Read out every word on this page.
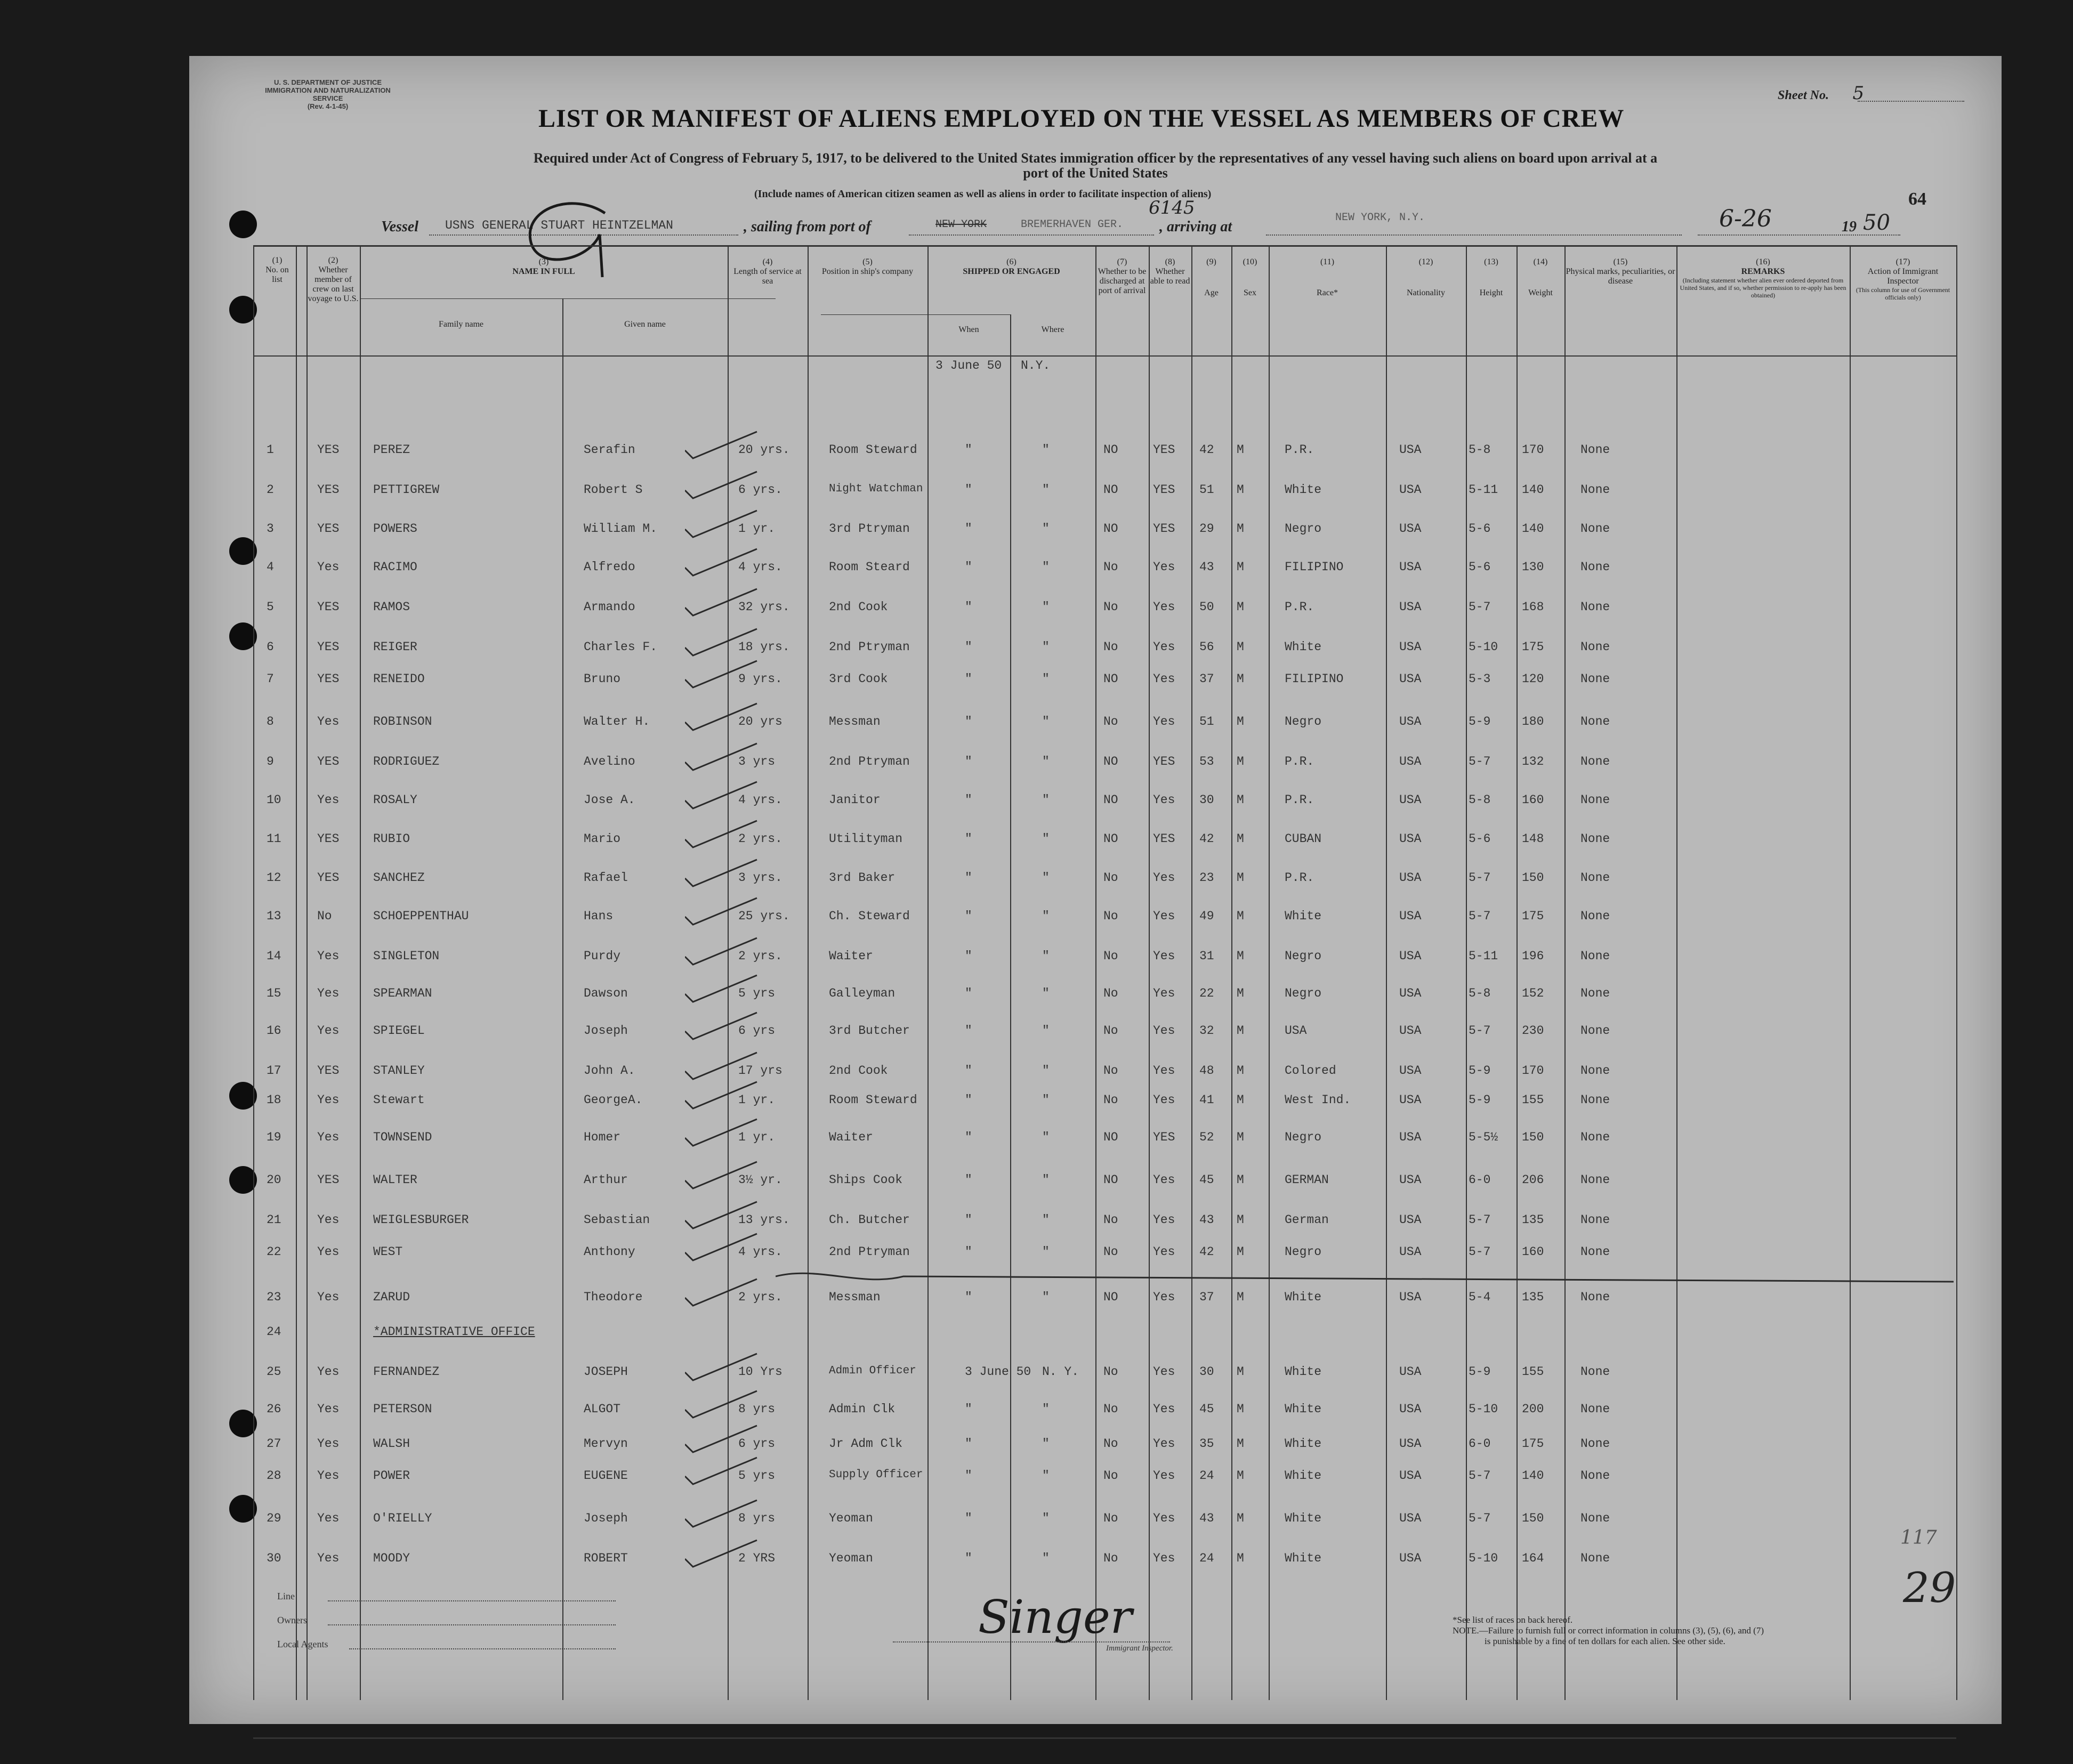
U. S. DEPARTMENT OF JUSTICE
IMMIGRATION AND NATURALIZATION SERVICE
(Rev. 4-1-45)
Sheet No. 5
LIST OR MANIFEST OF ALIENS EMPLOYED ON THE VESSEL AS MEMBERS OF CREW
Required under Act of Congress of February 5, 1917, to be delivered to the United States immigration officer by the representatives of any vessel having such aliens on board upon arrival at a
port of the United States
(Include names of American citizen seamen as well as aliens in order to facilitate inspection of aliens)	64
Vessel USNS GENERAL STUART HEINTZELMAN	, sailing from port of	NEW YORK	BREMERHAVEN GER.
6145
, arriving at
NEW YORK, N.Y.	6-26	19 50
(1)
No. on list
(2)
Whether member of crew on last voyage to U.S.
(3)
NAME IN FULL
Family name	Given name
(4)
Length of service at sea
(5)
Position in ship's company
(6)
SHIPPED OR ENGAGED
When	Where
(7)
Whether to be discharged at port of arrival
(8)
Whether able to read
(9)
Age
(10)
Sex
(11)
Race*
(12)
Nationality
(13)
Height
(14)
Weight
(15)
Physical marks, peculiarities, or disease
(16)
REMARKS
(Including statement whether alien ever ordered deported from United States, and if so, whether permission to re-apply has been obtained)
(17)
Action of Immigrant Inspector
(This column for use of Government officials only)
3 June 50 N.Y.
1	YES	PEREZ	Serafin	20 yrs.	Room Steward	"	"	NO	YES 42 M	P.R.	USA	5-8	170	None
2	YES	PETTIGREW	Robert S	6 yrs.	Night Watchman	"	"	NO	YES 51 M	White	USA	5-11 140	None
3	YES	POWERS	William M.	1 yr.	3rd Ptryman	"	"	NO	YES 29 M	Negro	USA	5-6	140	None
4	Yes	RACIMO	Alfredo	4 yrs.	Room Steard	"	"	No	Yes 43 M	FILIPINO	USA	5-6	130	None
5	YES	RAMOS	Armando	32 yrs.	2nd Cook	"	"	No	Yes 50 M	P.R.	USA	5-7	168	None
6	YES	REIGER	Charles F.	18 yrs.	2nd Ptryman	"	"	No	Yes 56 M	White	USA	5-10 175	None
7	YES	RENEIDO	Bruno	9 yrs.	3rd Cook	"	"	NO	Yes 37 M	FILIPINO	USA	5-3	120	None
8	Yes	ROBINSON	Walter H.	20 yrs	Messman	"	"	No	Yes 51 M	Negro	USA	5-9	180	None
9	YES	RODRIGUEZ	Avelino	3 yrs	2nd Ptryman	"	"	NO	YES 53 M	P.R.	USA	5-7	132	None
10	Yes	ROSALY	Jose A.	4 yrs.	Janitor	"	"	NO	Yes 30 M	P.R.	USA	5-8	160	None
11	YES	RUBIO	Mario	2 yrs.	Utilityman	"	"	NO	YES 42 M	CUBAN	USA	5-6	148	None
12	YES	SANCHEZ	Rafael	3 yrs.	3rd Baker	"	"	No	Yes 23 M	P.R.	USA	5-7	150	None
13	No	SCHOEPPENTHAU	Hans	25 yrs.	Ch. Steward	"	"	No	Yes 49 M	White	USA	5-7	175	None
14	Yes	SINGLETON	Purdy	2 yrs.	Waiter	"	"	No	Yes 31 M	Negro	USA	5-11 196	None
15	Yes	SPEARMAN	Dawson	5 yrs	Galleyman	"	"	No	Yes 22 M	Negro	USA	5-8	152	None
16	Yes	SPIEGEL	Joseph	6 yrs	3rd Butcher	"	"	No	Yes 32 M	USA	USA	5-7	230	None
17	YES	STANLEY	John A.	17 yrs	2nd Cook	"	"	No	Yes 48 M	Colored	USA	5-9	170	None
18	Yes	Stewart	GeorgeA.	1 yr.	Room Steward	"	"	No	Yes 41 M	West Ind.	USA	5-9	155	None
19	Yes	TOWNSEND	Homer	1 yr.	Waiter	"	"	NO	YES 52 M	Negro	USA	5-5½ 150	None
20	YES	WALTER	Arthur	3½ yr.	Ships Cook	"	"	NO	Yes 45 M	GERMAN	USA	6-0	206	None
21	Yes	WEIGLESBURGER	Sebastian	13 yrs.	Ch. Butcher	"	"	No	Yes 43 M	German	USA	5-7	135	None
22	Yes	WEST	Anthony	4 yrs.	2nd Ptryman	"	"	No	Yes 42 M	Negro	USA	5-7	160	None
23	Yes	ZARUD	Theodore	2 yrs.	Messman	"	"	NO	Yes 37 M	White	USA	5-4	135	None
24	*ADMINISTRATIVE OFFICE
25	Yes	FERNANDEZ	JOSEPH	10 Yrs	Admin Officer	3 June 50 N. Y. No	Yes 30 M	White	USA	5-9	155	None
26	Yes	PETERSON	ALGOT	8 yrs	Admin Clk	"	"	No	Yes 45 M	White	USA	5-10 200	None
27	Yes	WALSH	Mervyn	6 yrs	Jr Adm Clk	"	"	No	Yes 35 M	White	USA	6-0	175	None
28	Yes	POWER	EUGENE	5 yrs	Supply Officer	"	"	No	Yes 24 M	White	USA	5-7	140	None
29	Yes	O'RIELLY	Joseph	8 yrs	Yeoman	"	"	No	Yes 43 M	White	USA	5-7	150	None
30	Yes	MOODY	ROBERT	2 YRS	Yeoman	"	"	No	Yes 24 M	White	USA	5-10 164	None
Line
Owners
Local Agents	Singer
Immigrant Inspector.
*See list of races on back hereof.
NOTE.—Failure to furnish full or correct information in columns (3), (5), (6), and (7)
is punishable by a fine of ten dollars for each alien. See other side.
29
117
